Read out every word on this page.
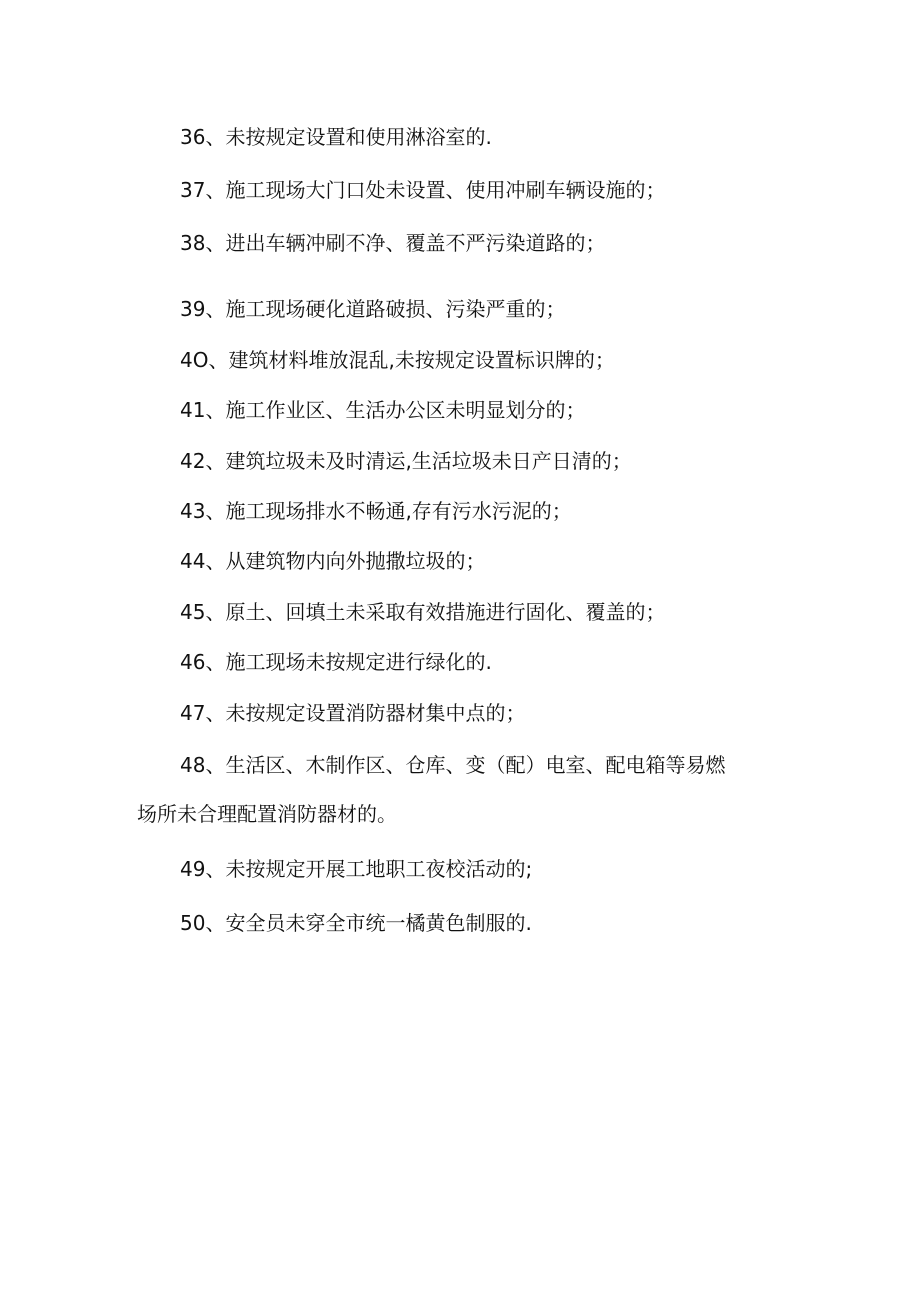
36、未按规定设置和使用淋浴室的.

37、施工现场大门口处未设置、使用冲刷车辆设施的；

38、进出车辆冲刷不净、覆盖不严污染道路的；

39、施工现场硬化道路破损、污染严重的；

4O、建筑材料堆放混乱,未按规定设置标识牌的；

41、施工作业区、生活办公区未明显划分的；

42、建筑垃圾未及时清运,生活垃圾未日产日清的；

43、施工现场排水不畅通,存有污水污泥的；

44、从建筑物内向外抛撒垃圾的；

45、原土、回填土未采取有效措施进行固化、覆盖的；

46、施工现场未按规定进行绿化的.

47、未按规定设置消防器材集中点的；

48、生活区、木制作区、仓库、变（配）电室、配电箱等易燃

场所未合理配置消防器材的。

49、未按规定开展工地职工夜校活动的;

50、安全员未穿全市统一橘黄色制服的.
